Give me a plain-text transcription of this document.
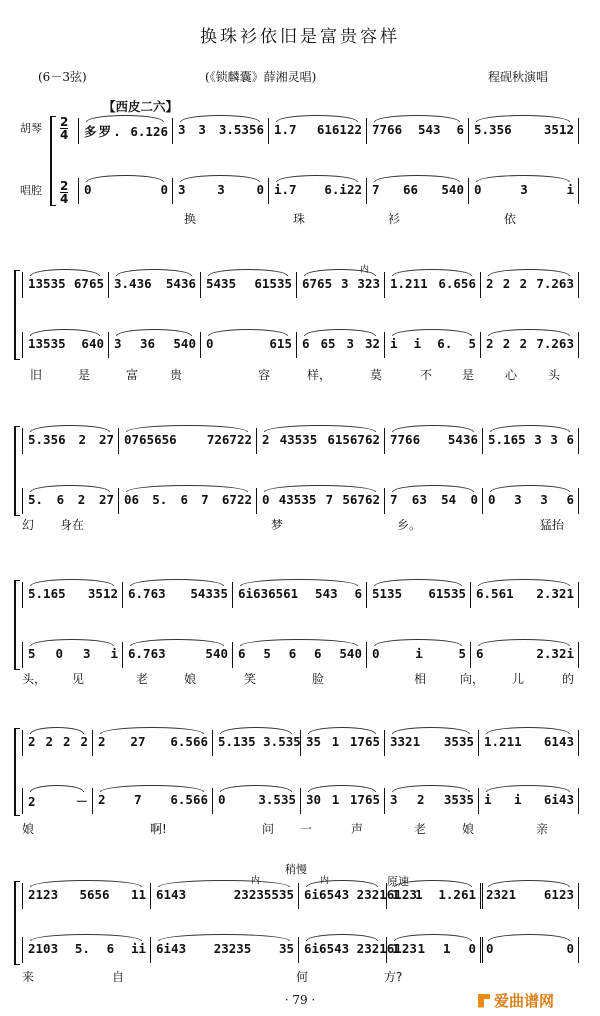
换珠衫依旧是富贵容样
(6－3弦)	(《锁麟囊》薛湘灵唱)	程砚秋演唱
【西皮二六】
胡琴
唱腔
2
4
2
4
多罗. 6.126 3 3 3.5356 1.7 616122 7766 543 6 5.356 3512
0 0 3 3 0 i.7 6.i22 7 66 540 0 3 i
换	珠	衫	依
13535 6765 3.436 5436 5435 61535 6765 3 323 1.211 6.656 2 2 2 7.263
13535 640 3 36 540 0 615 6 65 3 32 i i 6. 5 2 2 2 7.263
旧	是	富	贵	容	样，	莫	不 是	心	头
内
5.356 2 27 0765656 726722 2 43535 6156762 7766 5436 5.165 3 3 6
5. 6 2 27 06 5. 6 7 6722 0 43535 7 56762 7 63 54 0 0 3 3 6
幻 身在	梦	乡。	猛抬
5.165 3512 6.763 54335 6i636561 543 6 5135 61535 6.561 2.321
5 0 3 i 6.763 540 6 5 6 6 540 0 i 5 6 2.32i
头， 见	老	娘	笑	脸	相	向， 儿	的
2 2 2 2 2 27 6.566 5.135 3.535 35 1 1765 3321 3535 1.211 6143
2 － 2 7 6.566 0 3.535 30 1 1765 3 2 3535 i i 6i43
娘	啊!	问 一	声	老	娘	亲
2123 5656 11 6143 23235535 6i6543 23216123
1 1 1.261 2321 6123
2103 5. 6 ii 6i43 23235 35 6i6543 23216123
1 1 1 0 0 0
来	自	何	方?
稍慢
原速
内	内
· 79 ·	爱曲谱网
